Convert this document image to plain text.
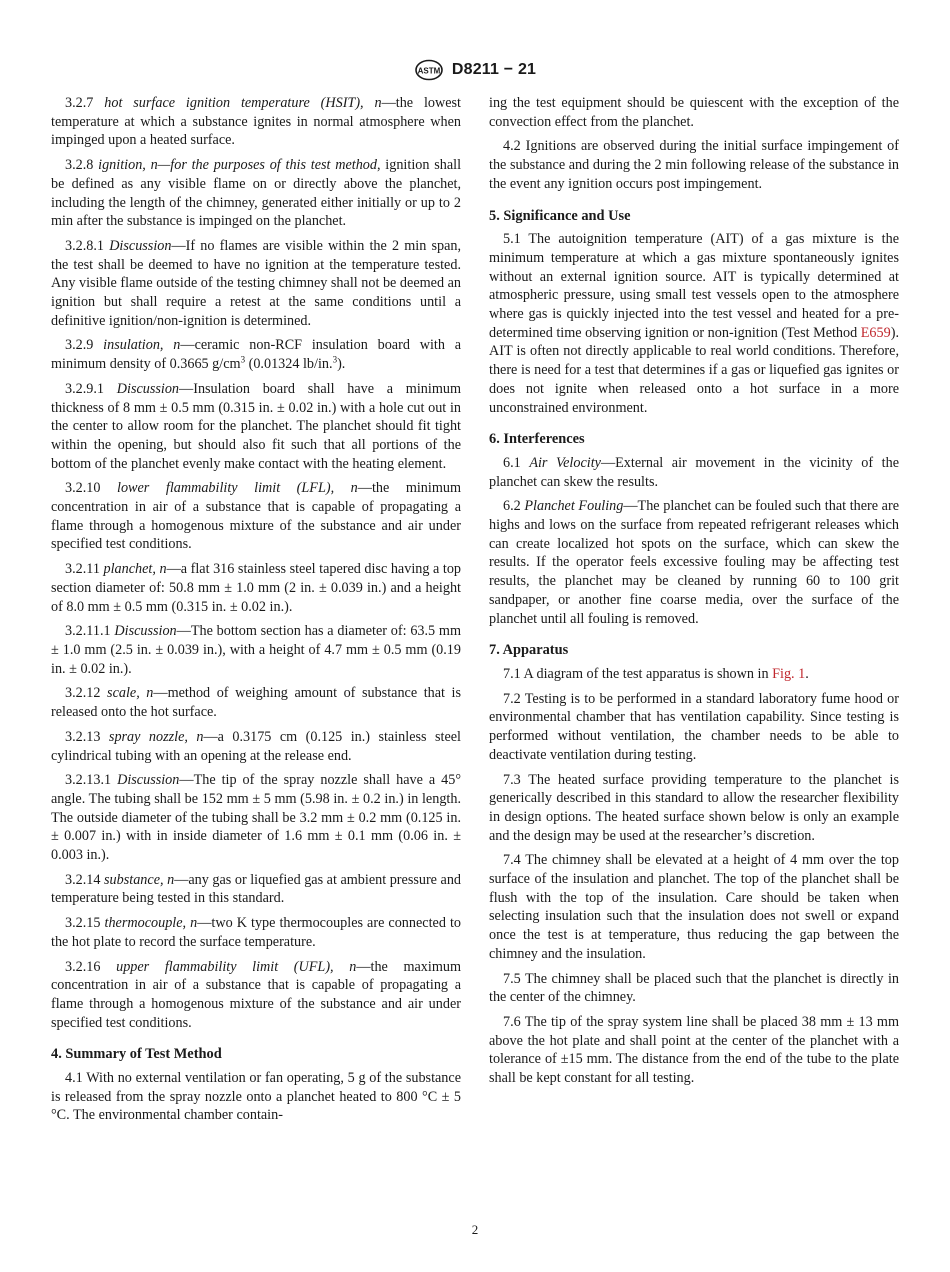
ASTM D8211 − 21

3.2.7 hot surface ignition temperature (HSIT), n—the lowest temperature at which a substance ignites in normal atmosphere when impinged upon a heated surface.

3.2.8 ignition, n—for the purposes of this test method, ignition shall be defined as any visible flame on or directly above the planchet, including the length of the chimney, generated either initially or up to 2 min after the substance is impinged on the planchet.

3.2.8.1 Discussion—If no flames are visible within the 2 min span, the test shall be deemed to have no ignition at the temperature tested. Any visible flame outside of the testing chimney shall not be deemed an ignition but shall require a retest at the same conditions until a definitive ignition/non-ignition is determined.

3.2.9 insulation, n—ceramic non-RCF insulation board with a minimum density of 0.3665 $g/cm^3$ (0.01324 lb/in.$^3$).

3.2.9.1 Discussion—Insulation board shall have a minimum thickness of 8 mm ± 0.5 mm (0.315 in. ± 0.02 in.) with a hole cut out in the center to allow room for the planchet. The planchet should fit tight within the opening, but should also fit such that all portions of the bottom of the planchet evenly make contact with the heating element.

3.2.10 lower flammability limit (LFL), n—the minimum concentration in air of a substance that is capable of propagating a flame through a homogenous mixture of the substance and air under specified test conditions.

3.2.11 planchet, n—a flat 316 stainless steel tapered disc having a top section diameter of: 50.8 mm ± 1.0 mm (2 in. ± 0.039 in.) and a height of 8.0 mm ± 0.5 mm (0.315 in. ± 0.02 in.).

3.2.11.1 Discussion—The bottom section has a diameter of: 63.5 mm ± 1.0 mm (2.5 in. ± 0.039 in.), with a height of 4.7 mm ± 0.5 mm (0.19 in. ± 0.02 in.).

3.2.12 scale, n—method of weighing amount of substance that is released onto the hot surface.

3.2.13 spray nozzle, n—a 0.3175 cm (0.125 in.) stainless steel cylindrical tubing with an opening at the release end.

3.2.13.1 Discussion—The tip of the spray nozzle shall have a 45° angle. The tubing shall be 152 mm ± 5 mm (5.98 in. ± 0.2 in.) in length. The outside diameter of the tubing shall be 3.2 mm ± 0.2 mm (0.125 in. ± 0.007 in.) with in inside diameter of 1.6 mm ± 0.1 mm (0.06 in. ± 0.003 in.).

3.2.14 substance, n—any gas or liquefied gas at ambient pressure and temperature being tested in this standard.

3.2.15 thermocouple, n—two K type thermocouples are connected to the hot plate to record the surface temperature.

3.2.16 upper flammability limit (UFL), n—the maximum concentration in air of a substance that is capable of propagating a flame through a homogenous mixture of the substance and air under specified test conditions.

4. Summary of Test Method

4.1 With no external ventilation or fan operating, 5 g of the substance is released from the spray nozzle onto a planchet heated to 800 °C ± 5 °C. The environmental chamber contain-

ing the test equipment should be quiescent with the exception of the convection effect from the planchet.

4.2 Ignitions are observed during the initial surface impingement of the substance and during the 2 min following release of the substance in the event any ignition occurs post impingement.

5. Significance and Use

5.1 The autoignition temperature (AIT) of a gas mixture is the minimum temperature at which a gas mixture spontaneously ignites without an external ignition source. AIT is typically determined at atmospheric pressure, using small test vessels open to the atmosphere where gas is quickly injected into the test vessel and heated for a pre-determined time observing ignition or non-ignition (Test Method E659). AIT is often not directly applicable to real world conditions. Therefore, there is need for a test that determines if a gas or liquefied gas ignites or does not ignite when released onto a hot surface in a more unconstrained environment.

6. Interferences

6.1 Air Velocity—External air movement in the vicinity of the planchet can skew the results.

6.2 Planchet Fouling—The planchet can be fouled such that there are highs and lows on the surface from repeated refrigerant releases which can create localized hot spots on the surface, which can skew the results. If the operator feels excessive fouling may be affecting test results, the planchet may be cleaned by running 60 to 100 grit sandpaper, or another fine coarse media, over the surface of the planchet until all fouling is removed.

7. Apparatus

7.1 A diagram of the test apparatus is shown in Fig. 1.

7.2 Testing is to be performed in a standard laboratory fume hood or environmental chamber that has ventilation capability. Since testing is performed without ventilation, the chamber needs to be able to deactivate ventilation during testing.

7.3 The heated surface providing temperature to the planchet is generically described in this standard to allow the researcher flexibility in design options. The heated surface shown below is only an example and the design may be used at the researcher’s discretion.

7.4 The chimney shall be elevated at a height of 4 mm over the top surface of the insulation and planchet. The top of the planchet shall be flush with the top of the insulation. Care should be taken when selecting insulation such that the insulation does not swell or expand once the test is at temperature, thus reducing the gap between the chimney and the insulation.

7.5 The chimney shall be placed such that the planchet is directly in the center of the chimney.

7.6 The tip of the spray system line shall be placed 38 mm ± 13 mm above the hot plate and shall point at the center of the planchet with a tolerance of ±15 mm. The distance from the end of the tube to the plate shall be kept constant for all testing.

2
